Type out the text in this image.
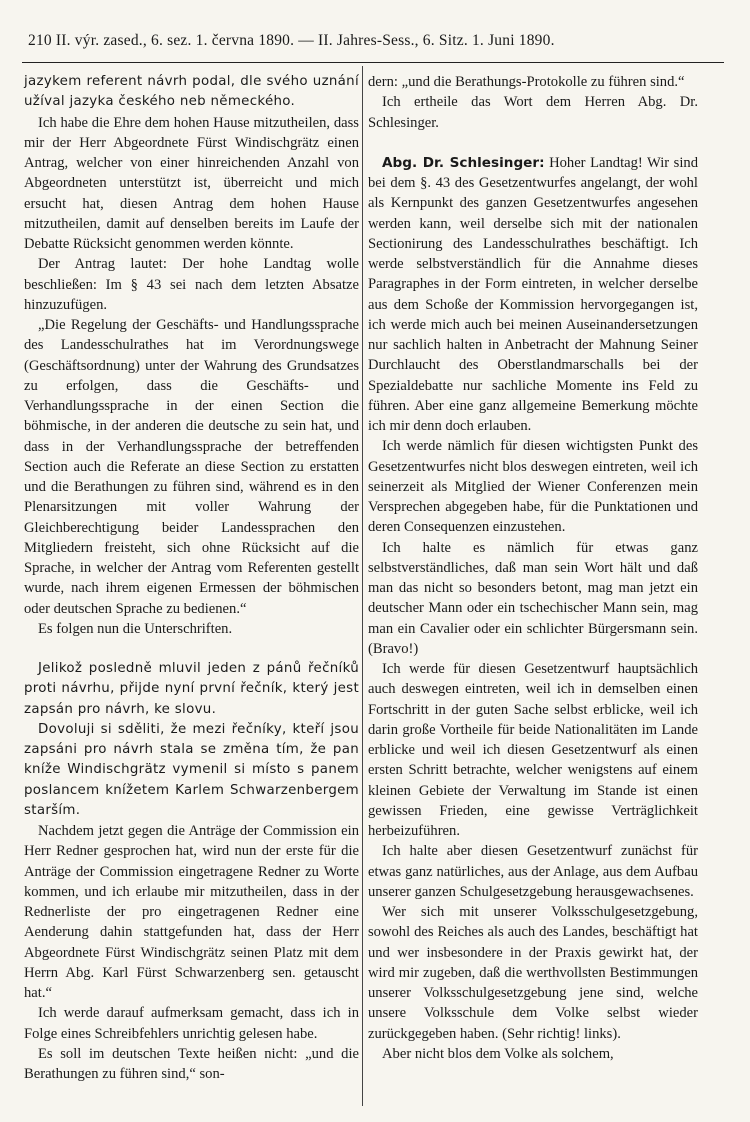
210 II. výr. zased., 6. sez. 1. června 1890. — II. Jahres-Sess., 6. Sitz. 1. Juni 1890.

jazykem referent návrh podal, dle svého uznání užíval jazyka českého neb německého.

Ich habe die Ehre dem hohen Hause mitzutheilen, dass mir der Herr Abgeordnete Fürst Windischgrätz einen Antrag, welcher von einer hinreichenden Anzahl von Abgeordneten unterstützt ist, überreicht und mich ersucht hat, diesen Antrag dem hohen Hause mitzutheilen, damit auf denselben bereits im Laufe der Debatte Rücksicht genommen werden könnte.

Der Antrag lautet: Der hohe Landtag wolle beschließen: Im § 43 sei nach dem letzten Absatze hinzuzufügen.

„Die Regelung der Geschäfts- und Handlungssprache des Landesschulrathes hat im Verordnungswege (Geschäftsordnung) unter der Wahrung des Grundsatzes zu erfolgen, dass die Geschäfts- und Verhandlungssprache in der einen Section die böhmische, in der anderen die deutsche zu sein hat, und dass in der Verhandlungssprache der betreffenden Section auch die Referate an diese Section zu erstatten und die Berathungen zu führen sind, während es in den Plenarsitzungen mit voller Wahrung der Gleichberechtigung beider Landessprachen den Mitgliedern freisteht, sich ohne Rücksicht auf die Sprache, in welcher der Antrag vom Referenten gestellt wurde, nach ihrem eigenen Ermessen der böhmischen oder deutschen Sprache zu bedienen.“

Es folgen nun die Unterschriften.

Jelikož posledně mluvil jeden z pánů řečníků proti návrhu, přijde nyní první řečník, který jest zapsán pro návrh, ke slovu.

Dovoluji si sděliti, že mezi řečníky, kteří jsou zapsáni pro návrh stala se změna tím, že pan kníže Windischgrätz vymenil si místo s panem poslancem knížetem Karlem Schwarzenbergem starším.

Nachdem jetzt gegen die Anträge der Commission ein Herr Redner gesprochen hat, wird nun der erste für die Anträge der Commission eingetragene Redner zu Worte kommen, und ich erlaube mir mitzutheilen, dass in der Rednerliste der pro eingetragenen Redner eine Aenderung dahin stattgefunden hat, dass der Herr Abgeordnete Fürst Windischgrätz seinen Platz mit dem Herrn Abg. Karl Fürst Schwarzenberg sen. getauscht hat.“

Ich werde darauf aufmerksam gemacht, dass ich in Folge eines Schreibfehlers unrichtig gelesen habe.

Es soll im deutschen Texte heißen nicht: „und die Berathungen zu führen sind,“ son-

dern: „und die Berathungs-Protokolle zu führen sind.“

Ich ertheile das Wort dem Herren Abg. Dr. Schlesinger.

Abg. Dr. Schlesinger: Hoher Landtag! Wir sind bei dem §. 43 des Gesetzentwurfes angelangt, der wohl als Kernpunkt des ganzen Gesetzentwurfes angesehen werden kann, weil derselbe sich mit der nationalen Sectionirung des Landesschulrathes beschäftigt. Ich werde selbstverständlich für die Annahme dieses Paragraphes in der Form eintreten, in welcher derselbe aus dem Schoße der Kommission hervorgegangen ist, ich werde mich auch bei meinen Auseinandersetzungen nur sachlich halten in Anbetracht der Mahnung Seiner Durchlaucht des Oberstlandmarschalls bei der Spezialdebatte nur sachliche Momente ins Feld zu führen. Aber eine ganz allgemeine Bemerkung möchte ich mir denn doch erlauben.

Ich werde nämlich für diesen wichtigsten Punkt des Gesetzentwurfes nicht blos deswegen eintreten, weil ich seinerzeit als Mitglied der Wiener Conferenzen mein Versprechen abgegeben habe, für die Punktationen und deren Consequenzen einzustehen.

Ich halte es nämlich für etwas ganz selbstverständliches, daß man sein Wort hält und daß man das nicht so besonders betont, mag man jetzt ein deutscher Mann oder ein tschechischer Mann sein, mag man ein Cavalier oder ein schlichter Bürgersmann sein. (Bravo!)

Ich werde für diesen Gesetzentwurf hauptsächlich auch deswegen eintreten, weil ich in demselben einen Fortschritt in der guten Sache selbst erblicke, weil ich darin große Vortheile für beide Nationalitäten im Lande erblicke und weil ich diesen Gesetzentwurf als einen ersten Schritt betrachte, welcher wenigstens auf einem kleinen Gebiete der Verwaltung im Stande ist einen gewissen Frieden, eine gewisse Verträglichkeit herbeizuführen.

Ich halte aber diesen Gesetzentwurf zunächst für etwas ganz natürliches, aus der Anlage, aus dem Aufbau unserer ganzen Schulgesetzgebung herausgewachsenes.

Wer sich mit unserer Volksschulgesetzgebung, sowohl des Reiches als auch des Landes, beschäftigt hat und wer insbesondere in der Praxis gewirkt hat, der wird mir zugeben, daß die werthvollsten Bestimmungen unserer Volksschulgesetzgebung jene sind, welche unsere Volksschule dem Volke selbst wieder zurückgegeben haben. (Sehr richtig! links).

Aber nicht blos dem Volke als solchem,
